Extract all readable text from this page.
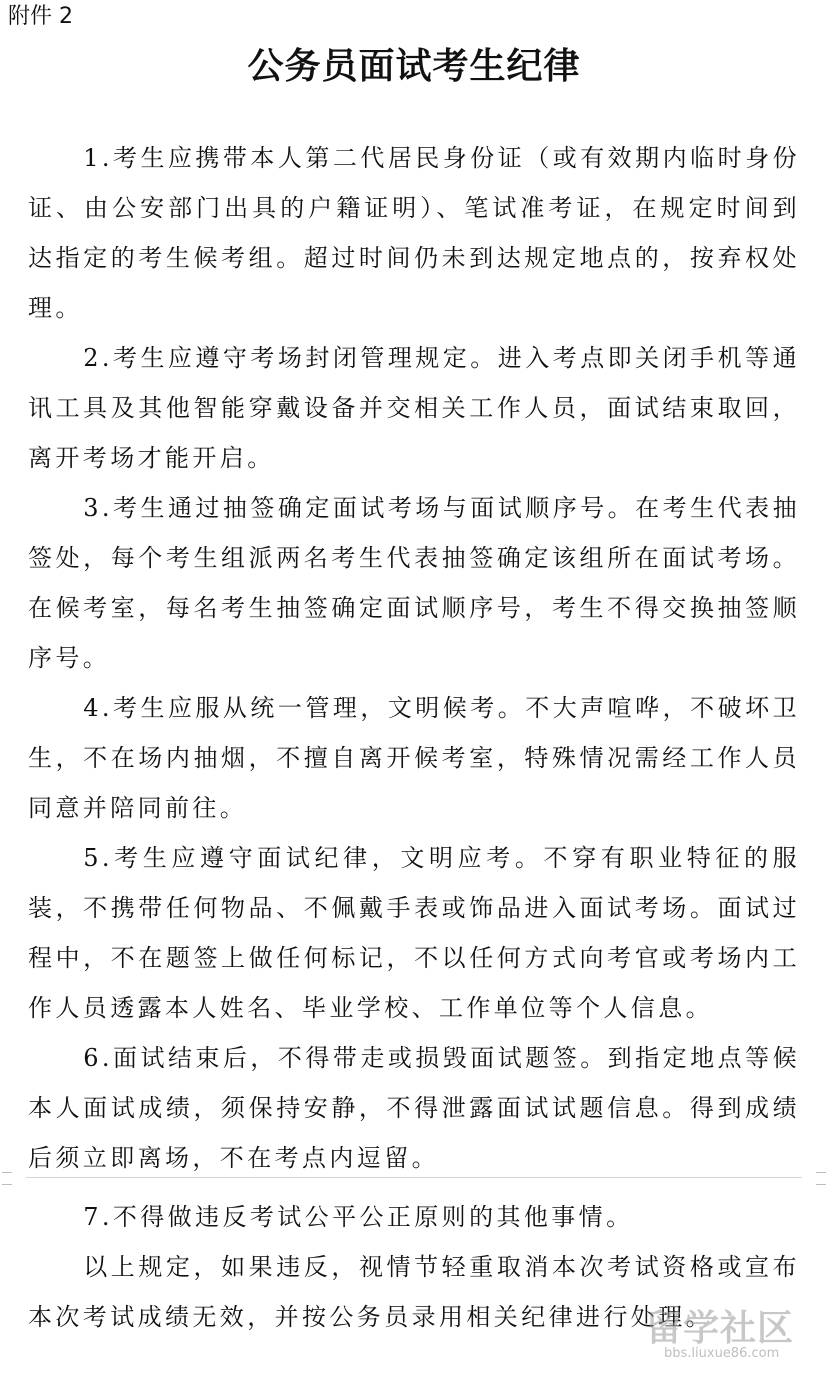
附件 2
公务员面试考生纪律

1.考生应携带本人第二代居民身份证（或有效期内临时身份证、由公安部门出具的户籍证明）、笔试准考证，在规定时间到达指定的考生候考组。超过时间仍未到达规定地点的，按弃权处理。

2.考生应遵守考场封闭管理规定。进入考点即关闭手机等通讯工具及其他智能穿戴设备并交相关工作人员，面试结束取回，离开考场才能开启。

3.考生通过抽签确定面试考场与面试顺序号。在考生代表抽签处，每个考生组派两名考生代表抽签确定该组所在面试考场。在候考室，每名考生抽签确定面试顺序号，考生不得交换抽签顺序号。

4.考生应服从统一管理，文明候考。不大声喧哗，不破坏卫生，不在场内抽烟，不擅自离开候考室，特殊情况需经工作人员同意并陪同前往。

5.考生应遵守面试纪律，文明应考。不穿有职业特征的服装，不携带任何物品、不佩戴手表或饰品进入面试考场。面试过程中，不在题签上做任何标记，不以任何方式向考官或考场内工作人员透露本人姓名、毕业学校、工作单位等个人信息。

6.面试结束后，不得带走或损毁面试题签。到指定地点等候本人面试成绩，须保持安静，不得泄露面试试题信息。得到成绩后须立即离场，不在考点内逗留。

7.不得做违反考试公平公正原则的其他事情。

以上规定，如果违反，视情节轻重取消本次考试资格或宣布本次考试成绩无效，并按公务员录用相关纪律进行处理。

留学社区
bbs.liuxue86.com
